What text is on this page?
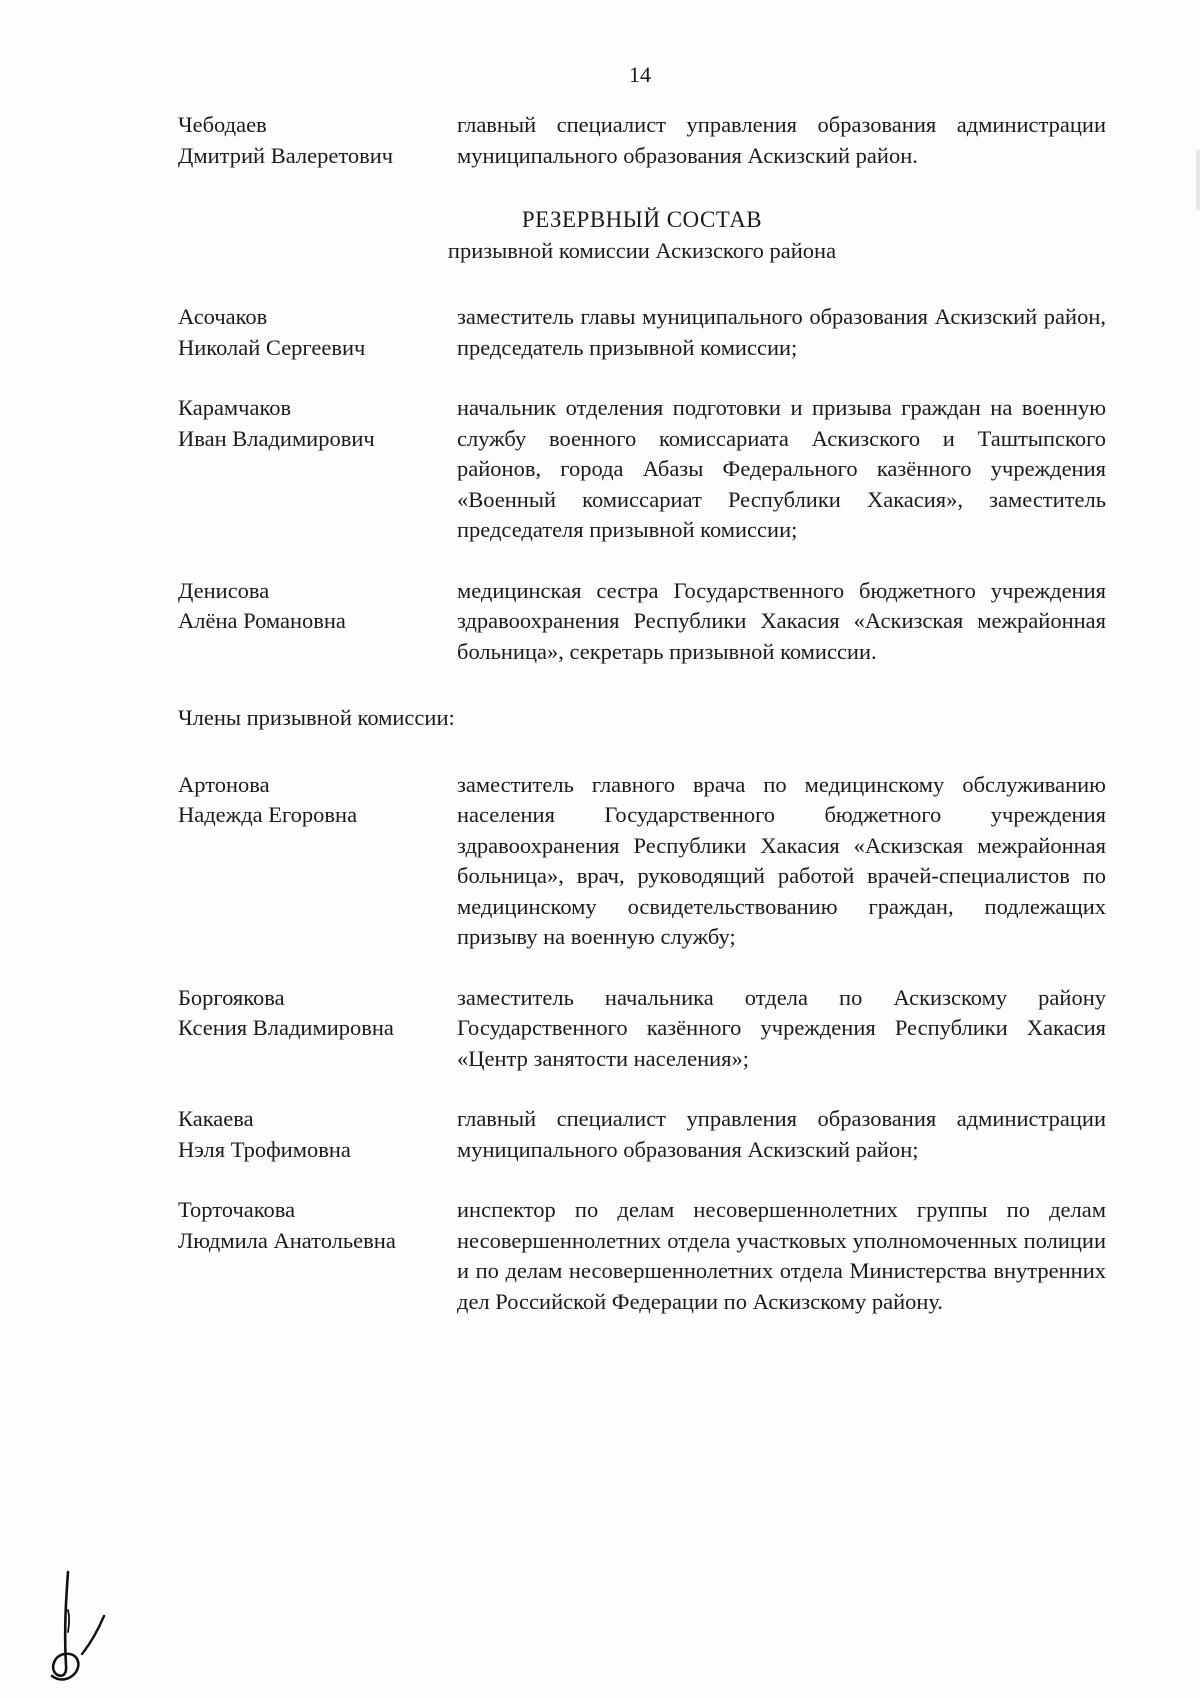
14
Чебодаев
Дмитрий Валеретович
главный специалист управления образования администрации муниципального образования Аскизский район.
РЕЗЕРВНЫЙ СОСТАВ
призывной комиссии Аскизского района
Асочаков
Николай Сергеевич
заместитель главы муниципального образования Аскизский район, председатель призывной комиссии;
Карамчаков
Иван Владимирович
начальник отделения подготовки и призыва граждан на военную службу военного комиссариата Аскизского и Таштыпского районов, города Абазы Федерального казённого учреждения «Военный комиссариат Республики Хакасия», заместитель председателя призывной комиссии;
Денисова
Алёна Романовна
медицинская сестра Государственного бюджетного учреждения здравоохранения Республики Хакасия «Аскизская межрайонная больница», секретарь призывной комиссии.

Члены призывной комиссии:

Артонова
Надежда Егоровна
заместитель главного врача по медицинскому обслуживанию населения Государственного бюджетного учреждения здравоохранения Республики Хакасия «Аскизская межрайонная больница», врач, руководящий работой врачей-специалистов по медицинскому освидетельствованию граждан, подлежащих призыву на военную службу;
Боргоякова
Ксения Владимировна
заместитель начальника отдела по Аскизскому району Государственного казённого учреждения Республики Хакасия «Центр занятости населения»;
Какаева
Нэля Трофимовна
главный специалист управления образования администрации муниципального образования Аскизский район;
Торточакова
Людмила Анатольевна
инспектор по делам несовершеннолетних группы по делам несовершеннолетних отдела участковых уполномоченных полиции и по делам несовершеннолетних отдела Министерства внутренних дел Российской Федерации по Аскизскому району.
